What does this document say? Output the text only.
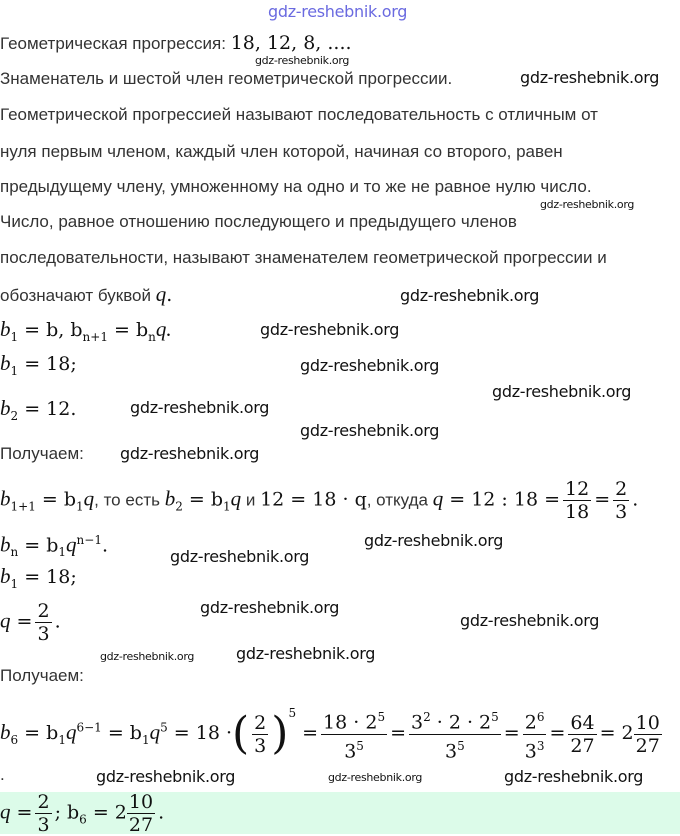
gdz-reshebnik.org
Геометрическая прогрессия: 18, 12, 8, ....
Знаменатель и шестой член геометрической прогрессии.
Геометрической прогрессией называют последовательность с отличным от
нуля первым членом, каждый член которой, начиная со второго, равен
предыдущему члену, умноженному на одно и то же не равное нулю число.
Число, равное отношению последующего и предыдущего членов
последовательности, называют знаменателем геометрической прогрессии и
обозначают буквой q.
$b_1 = b$, $b_{n+1} = b_nq$.
$b_1 = 18$;
$b_2 = 12$.
Получаем:
$b_{1+1} = b_1q$, то есть $b_2 = b_1q$ и 12 = 18 · q, откуда q = 12 : $18 = \frac{12}{18} = \frac{2}{3}$ .
$b_n = b_1q^{n-1}$.
$b_1 = 18$;
$q = \frac{2}{3}$ .
Получаем:
$b_6 = b_1q^{6-1} = b_1q^5 = 18$ ·( $\frac{2}{3} )^5 = \frac{18 \cdot 2^5}{3^5} = \frac{3^2 \cdot 2 \cdot 2^5}{3^5} = \frac{2^6}{3^3} = \frac{64}{27} = 2 \frac{10}{27}$
.
$q = \frac{2}{3}$ ; $b_6 = 2 \frac{10}{27}$ .
gdz-reshebnik.org
gdz-reshebnik.org
gdz-reshebnik.org
gdz-reshebnik.org
gdz-reshebnik.org
gdz-reshebnik.org
gdz-reshebnik.org
gdz-reshebnik.org
gdz-reshebnik.org
gdz-reshebnik.org
gdz-reshebnik.org
gdz-reshebnik.org
gdz-reshebnik.org
gdz-reshebnik.org
gdz-reshebnik.org
gdz-reshebnik.org
gdz-reshebnik.org	gdz-reshebnik.org	gdz-reshebnik.org
